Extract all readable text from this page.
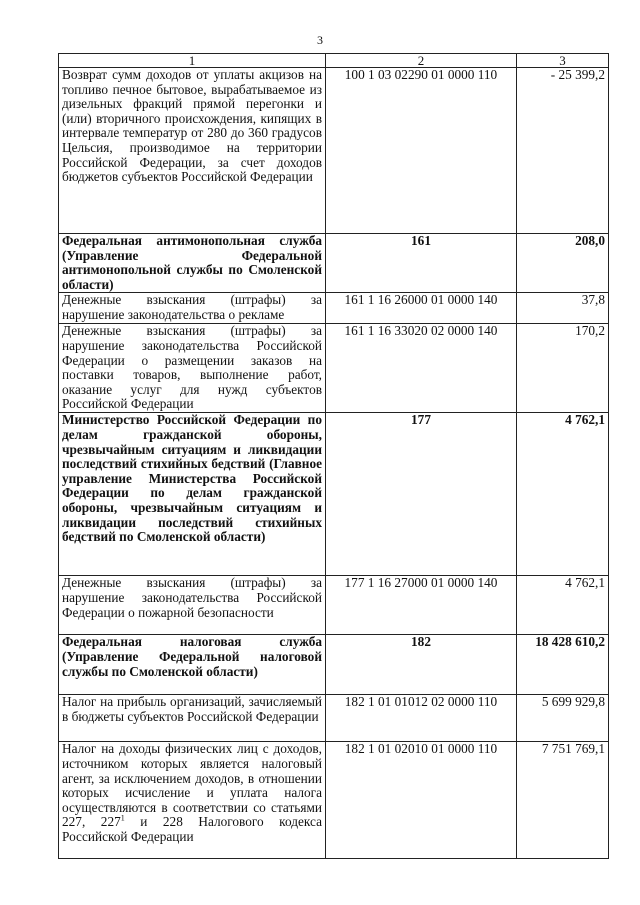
3
1	2	3
Возврат сумм доходов от уплаты акцизов на топливо печное бытовое, вырабатываемое из дизельных фракций прямой перегонки и (или) вторичного происхождения, кипящих в интервале температур от 280 до 360 градусов Цельсия, производимое на территории Российской Федерации, за счет доходов бюджетов субъектов Российской Федерации	100 1 03 02290 01 0000 110	- 25 399,2
Федеральная антимонопольная служба (Управление Федеральной антимонопольной службы по Смоленской области)	161	208,0
Денежные взыскания (штрафы) за нарушение законодательства о рекламе	161 1 16 26000 01 0000 140	37,8
Денежные взыскания (штрафы) за нарушение законодательства Российской Федерации о размещении заказов на поставки товаров, выполнение работ, оказание услуг для нужд субъектов Российской Федерации	161 1 16 33020 02 0000 140	170,2
Министерство Российской Федерации по делам гражданской обороны, чрезвычайным ситуациям и ликвидации последствий стихийных бедствий (Главное управление Министерства Российской Федерации по делам гражданской обороны, чрезвычайным ситуациям и ликвидации последствий стихийных бедствий по Смоленской области)	177	4 762,1
Денежные взыскания (штрафы) за нарушение законодательства Российской Федерации о пожарной безопасности	177 1 16 27000 01 0000 140	4 762,1
Федеральная налоговая служба (Управление Федеральной налоговой службы по Смоленской области)	182	18 428 610,2
Налог на прибыль организаций, зачисляемый в бюджеты субъектов Российской Федерации	182 1 01 01012 02 0000 110	5 699 929,8
Налог на доходы физических лиц с доходов, источником которых является налоговый агент, за исключением доходов, в отношении которых исчисление и уплата налога осуществляются в соответствии со статьями 227, $227^1$ и 228 Налогового кодекса Российской Федерации	182 1 01 02010 01 0000 110	7 751 769,1
